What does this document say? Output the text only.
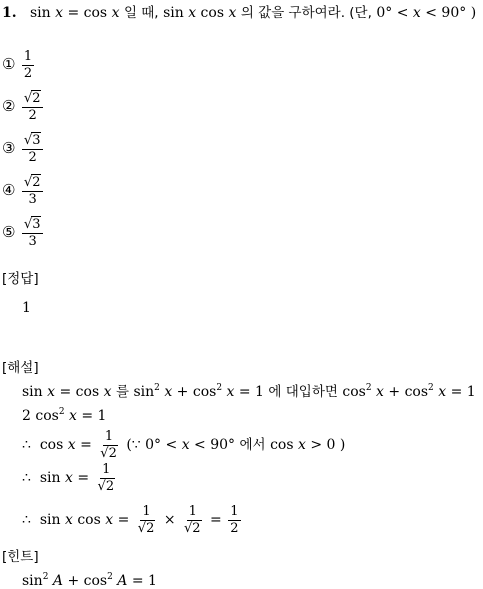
1. sin x = cos x 일 때, sin x cos x 의 값을 구하여라. (단, 0° < x < 90° )
① $\frac{1}{2}$
② $\frac{√2}{2}$
③ $\frac{√3}{2}$
④ $\frac{√2}{3}$
⑤ $\frac{√3}{3}$
[정답]
1
[해설]
sin x = cos x 를 $\sin^2 x + \cos^2 x = 1$ 에 대입하면 $\cos^2 x + \cos^2 x = 1$
2 $\cos^2 x = 1$
∴ $\cos x = \frac{1}{√2}$ (∵ 0° < x < 90° 에서 cos x > 0 )
∴ $\sin x = \frac{1}{√2}$
∴ sin x $\cos x = \frac{1}{√2} \times \frac{1}{√2} = \frac{1}{2}$
[힌트]
$\sin^2 A + \cos^2 A = 1$
